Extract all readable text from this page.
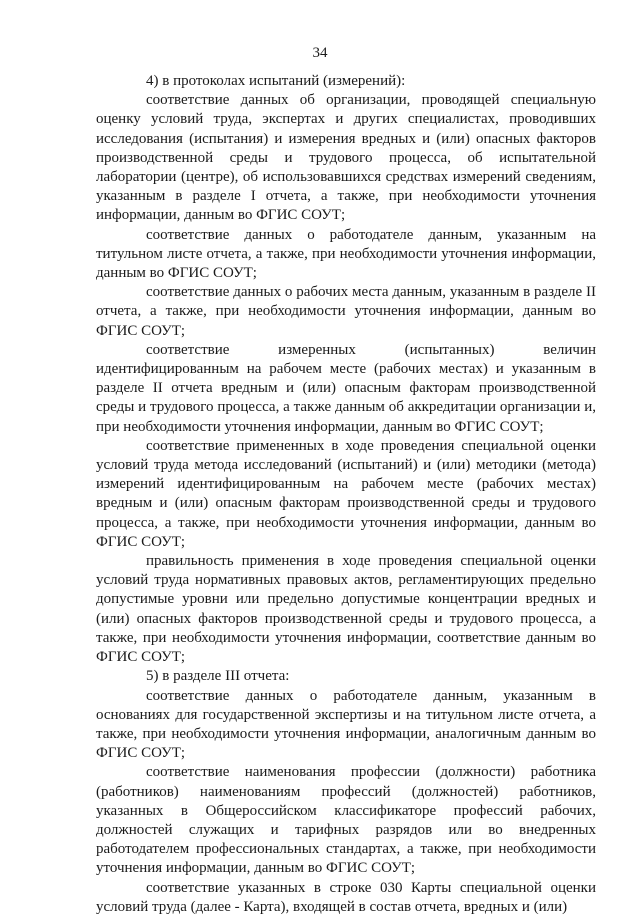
34

4) в протоколах испытаний (измерений):

соответствие данных об организации, проводящей специальную оценку условий труда, экспертах и других специалистах, проводивших исследования (испытания) и измерения вредных и (или) опасных факторов производственной среды и трудового процесса, об испытательной лаборатории (центре), об использовавшихся средствах измерений сведениям, указанным в разделе I отчета, а также, при необходимости уточнения информации, данным во ФГИС СОУТ;

соответствие данных о работодателе данным, указанным на титульном листе отчета, а также, при необходимости уточнения информации, данным во ФГИС СОУТ;

соответствие данных о рабочих места данным, указанным в разделе II отчета, а также, при необходимости уточнения информации, данным во ФГИС СОУТ;

соответствие измеренных (испытанных) величин идентифицированным на рабочем месте (рабочих местах) и указанным в разделе II отчета вредным и (или) опасным факторам производственной среды и трудового процесса, а также данным об аккредитации организации и, при необходимости уточнения информации, данным во ФГИС СОУТ;

соответствие примененных в ходе проведения специальной оценки условий труда метода исследований (испытаний) и (или) методики (метода) измерений идентифицированным на рабочем месте (рабочих местах) вредным и (или) опасным факторам производственной среды и трудового процесса, а также, при необходимости уточнения информации, данным во ФГИС СОУТ;

правильность применения в ходе проведения специальной оценки условий труда нормативных правовых актов, регламентирующих предельно допустимые уровни или предельно допустимые концентрации вредных и (или) опасных факторов производственной среды и трудового процесса, а также, при необходимости уточнения информации, соответствие данным во ФГИС СОУТ;

5) в разделе III отчета:

соответствие данных о работодателе данным, указанным в основаниях для государственной экспертизы и на титульном листе отчета, а также, при необходимости уточнения информации, аналогичным данным во ФГИС СОУТ;

соответствие наименования профессии (должности) работника (работников) наименованиям профессий (должностей) работников, указанных в Общероссийском классификаторе профессий рабочих, должностей служащих и тарифных разрядов или во внедренных работодателем профессиональных стандартах, а также, при необходимости уточнения информации, данным во ФГИС СОУТ;

соответствие указанных в строке 030 Карты специальной оценки условий труда (далее - Карта), входящей в состав отчета, вредных и (или)
